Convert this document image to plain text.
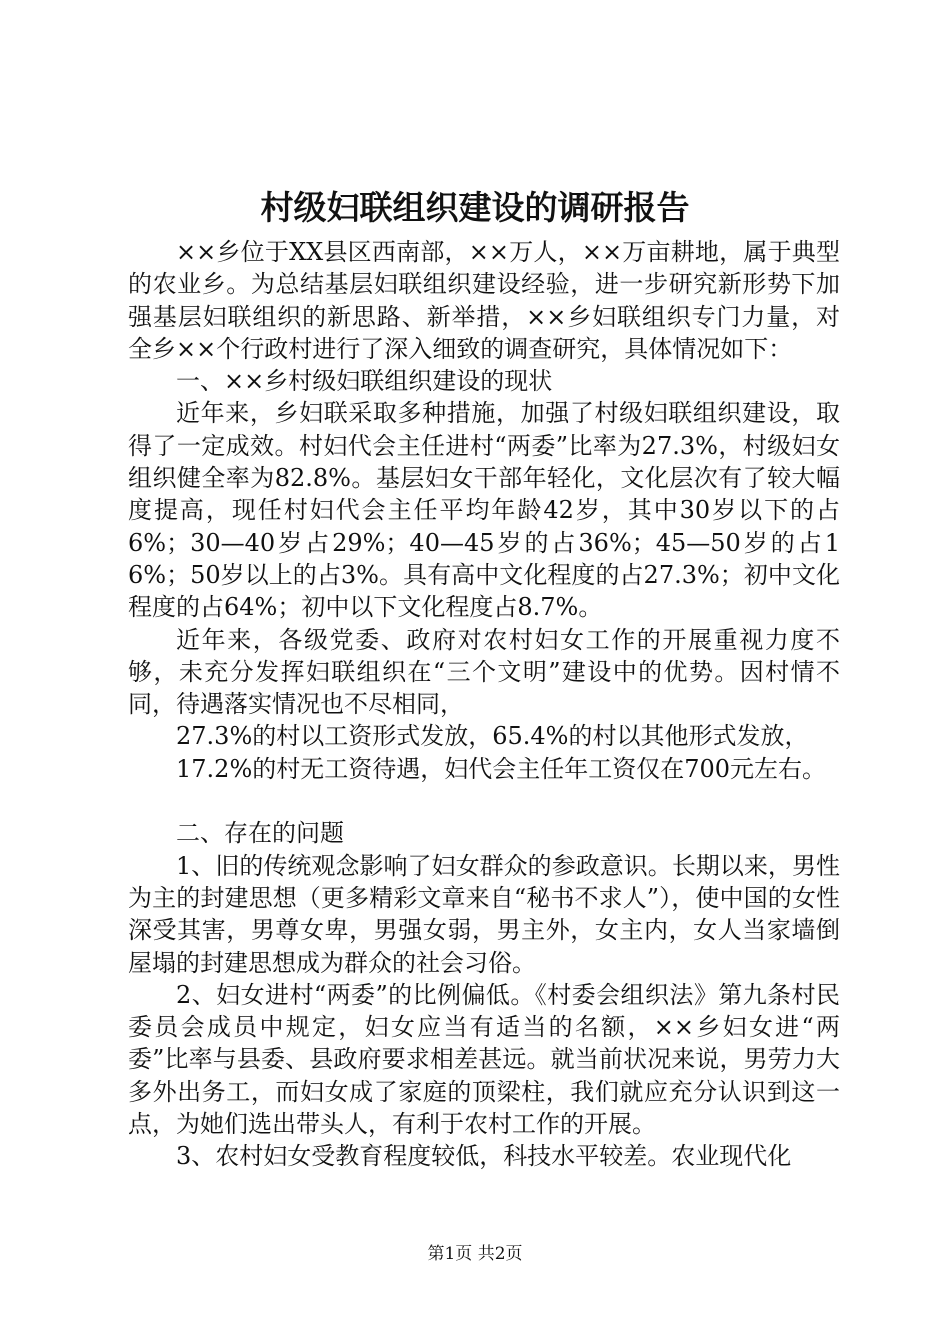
村级妇联组织建设的调研报告

××乡位于XX县区西南部，××万人，××万亩耕地，属于典型的农业乡。为总结基层妇联组织建设经验，进一步研究新形势下加强基层妇联组织的新思路、新举措，××乡妇联组织专门力量，对全乡××个行政村进行了深入细致的调查研究，具体情况如下：

一、××乡村级妇联组织建设的现状

近年来，乡妇联采取多种措施，加强了村级妇联组织建设，取得了一定成效。村妇代会主任进村“两委”比率为27.3%，村级妇女组织健全率为82.8%。基层妇女干部年轻化，文化层次有了较大幅度提高，现任村妇代会主任平均年龄42岁，其中30岁以下的占6%；30—40岁占29%；40—45岁的占36%；45—50岁的占16%；50岁以上的占3%。具有高中文化程度的占27.3%；初中文化程度的占64%；初中以下文化程度占8.7%。

近年来，各级党委、政府对农村妇女工作的开展重视力度不够，未充分发挥妇联组织在“三个文明”建设中的优势。因村情不同，待遇落实情况也不尽相同，

27.3%的村以工资形式发放，65.4%的村以其他形式发放，

17.2%的村无工资待遇，妇代会主任年工资仅在700元左右。

二、存在的问题

1、旧的传统观念影响了妇女群众的参政意识。长期以来，男性为主的封建思想（更多精彩文章来自“秘书不求人”），使中国的女性深受其害，男尊女卑，男强女弱，男主外，女主内，女人当家墙倒屋塌的封建思想成为群众的社会习俗。

2、妇女进村“两委”的比例偏低。《村委会组织法》第九条村民委员会成员中规定，妇女应当有适当的名额，××乡妇女进“两委”比率与县委、县政府要求相差甚远。就当前状况来说，男劳力大多外出务工，而妇女成了家庭的顶梁柱，我们就应充分认识到这一点，为她们选出带头人，有利于农村工作的开展。

3、农村妇女受教育程度较低，科技水平较差。农业现代化

第1页 共2页
